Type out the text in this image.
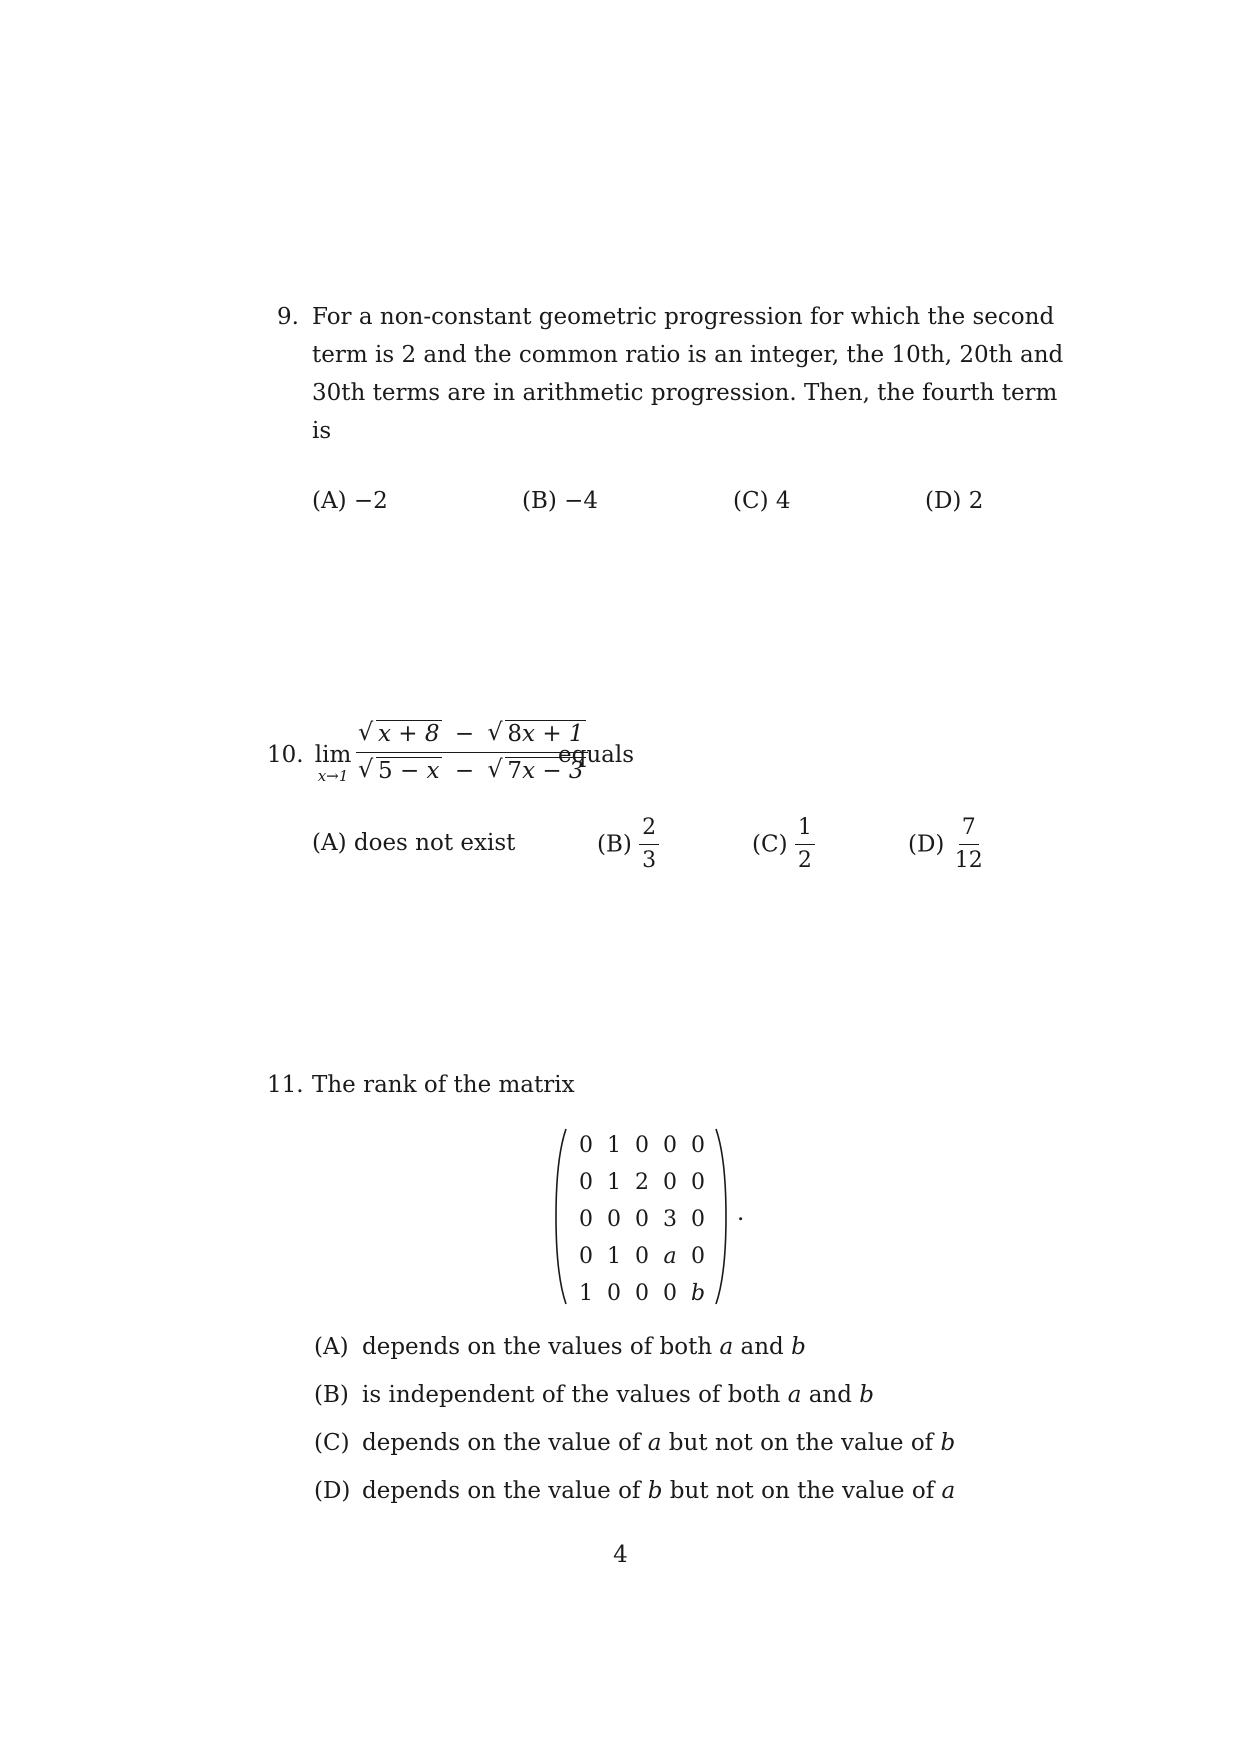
9. For a non-constant geometric progression for which the second
term is 2 and the common ratio is an integer, the 10th, 20th and
30th terms are in arithmetic progression. Then, the fourth term
is
(A) −2	(B) −4	(C) 4	(D) 2
10. lim
x→1 √ x + 8 − √ 8x + 1
√ 5 − x − √ 7x − 3
equals
(A) does not exist	$(B) \frac{2}{3}$	$(C) \frac{1}{2}$	$(D) \frac{7}{12}$
11. The rank of the matrix
0 1 0 0 0
0 1 2 0 0
0 0 0 3 0
0 1 0 a 0
1 0 0 0 b
.
(A) depends on the values of both a and b
(B) is independent of the values of both a and b
(C) depends on the value of a but not on the value of b
(D) depends on the value of b but not on the value of a
4
